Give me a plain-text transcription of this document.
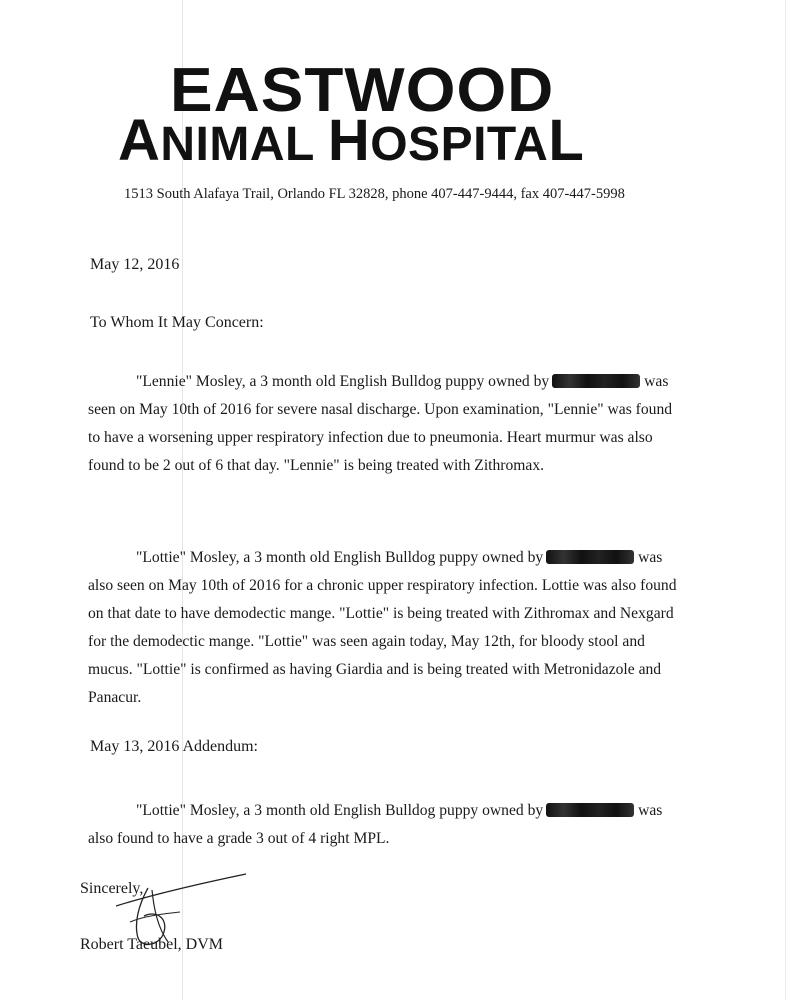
EASTWOOD
ANIMAL HOSPITAL
1513 South Alafaya Trail, Orlando FL 32828, phone 407-447-9444, fax 407-447-5998
May 12, 2016
To Whom It May Concern:

"Lennie" Mosley, a 3 month old English Bulldog puppy owned by	was seen on May 10th of 2016 for severe nasal discharge. Upon examination, "Lennie" was found to have a worsening upper respiratory infection due to pneumonia. Heart murmur was also found to be 2 out of 6 that day. "Lennie" is being treated with Zithromax.

"Lottie" Mosley, a 3 month old English Bulldog puppy owned by	was also seen on May 10th of 2016 for a chronic upper respiratory infection. Lottie was also found on that date to have demodectic mange. "Lottie" is being treated with Zithromax and Nexgard for the demodectic mange. "Lottie" was seen again today, May 12th, for bloody stool and mucus. "Lottie" is confirmed as having Giardia and is being treated with Metronidazole and Panacur.

May 13, 2016 Addendum:

"Lottie" Mosley, a 3 month old English Bulldog puppy owned by	was also found to have a grade 3 out of 4 right MPL.

Sincerely,
Robert Taeubel, DVM
